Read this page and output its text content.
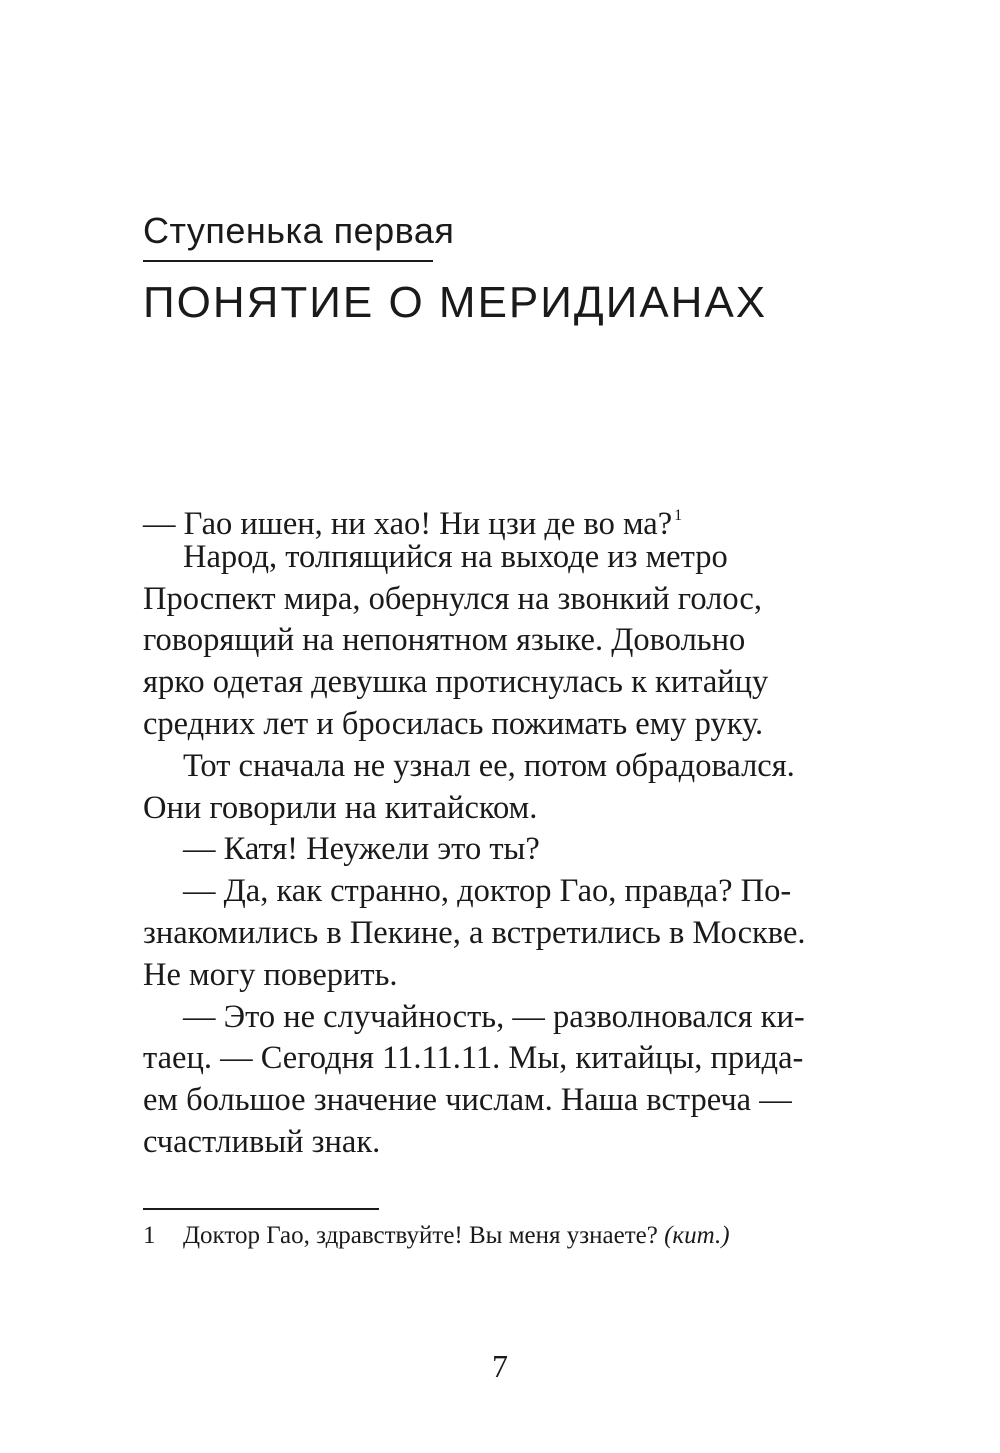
Ступенька первая
ПОНЯТИЕ О МЕРИДИАНАХ
— Гао ишен, ни хао! Ни цзи де во ма? $^1$
Народ, толпящийся на выходе из метро
Проспект мира, обернулся на звонкий голос,
говорящий на непонятном языке. Довольно
ярко одетая девушка протиснулась к китайцу
средних лет и бросилась пожимать ему руку.
Тот сначала не узнал ее, потом обрадовался.
Они говорили на китайском.
— Катя! Неужели это ты?
— Да, как странно, доктор Гао, правда? По-
знакомились в Пекине, а встретились в Москве.
Не могу поверить.
— Это не случайность, — разволновался ки-
таец. — Сегодня 11.11.11. Мы, китайцы, прида-
ем большое значение числам. Наша встреча —
счастливый знак.
1 Доктор Гао, здравствуйте! Вы меня узнаете? (кит.)
7
